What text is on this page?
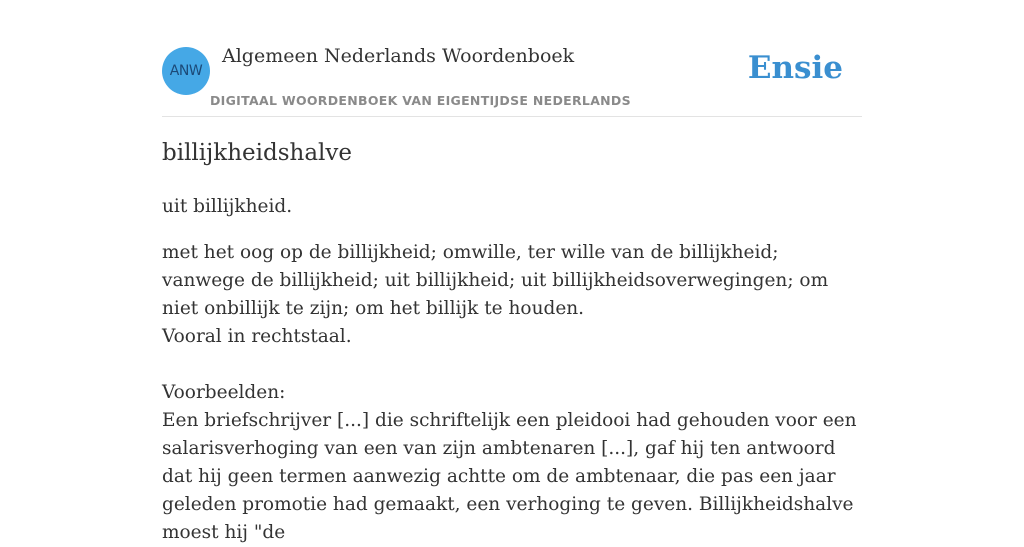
ANW
Algemeen Nederlands Woordenboek
DIGITAAL WOORDENBOEK VAN EIGENTIJDSE NEDERLANDS
Ensie
billijkheidshalve

uit billijkheid.

met het oog op de billijkheid; omwille, ter wille van de billijkheid; vanwege de billijkheid; uit billijkheid; uit billijkheidsoverwegingen; om niet onbillijk te zijn; om het billijk te houden.

Vooral in rechtstaal.

Voorbeelden:

Een briefschrijver [...] die schriftelijk een pleidooi had gehouden voor een salarisverhoging van een van zijn ambtenaren [...], gaf hij ten antwoord dat hij geen termen aanwezig achtte om de ambtenaar, die pas een jaar geleden promotie had gemaakt, een verhoging te geven. Billijkheidshalve moest hij "de
